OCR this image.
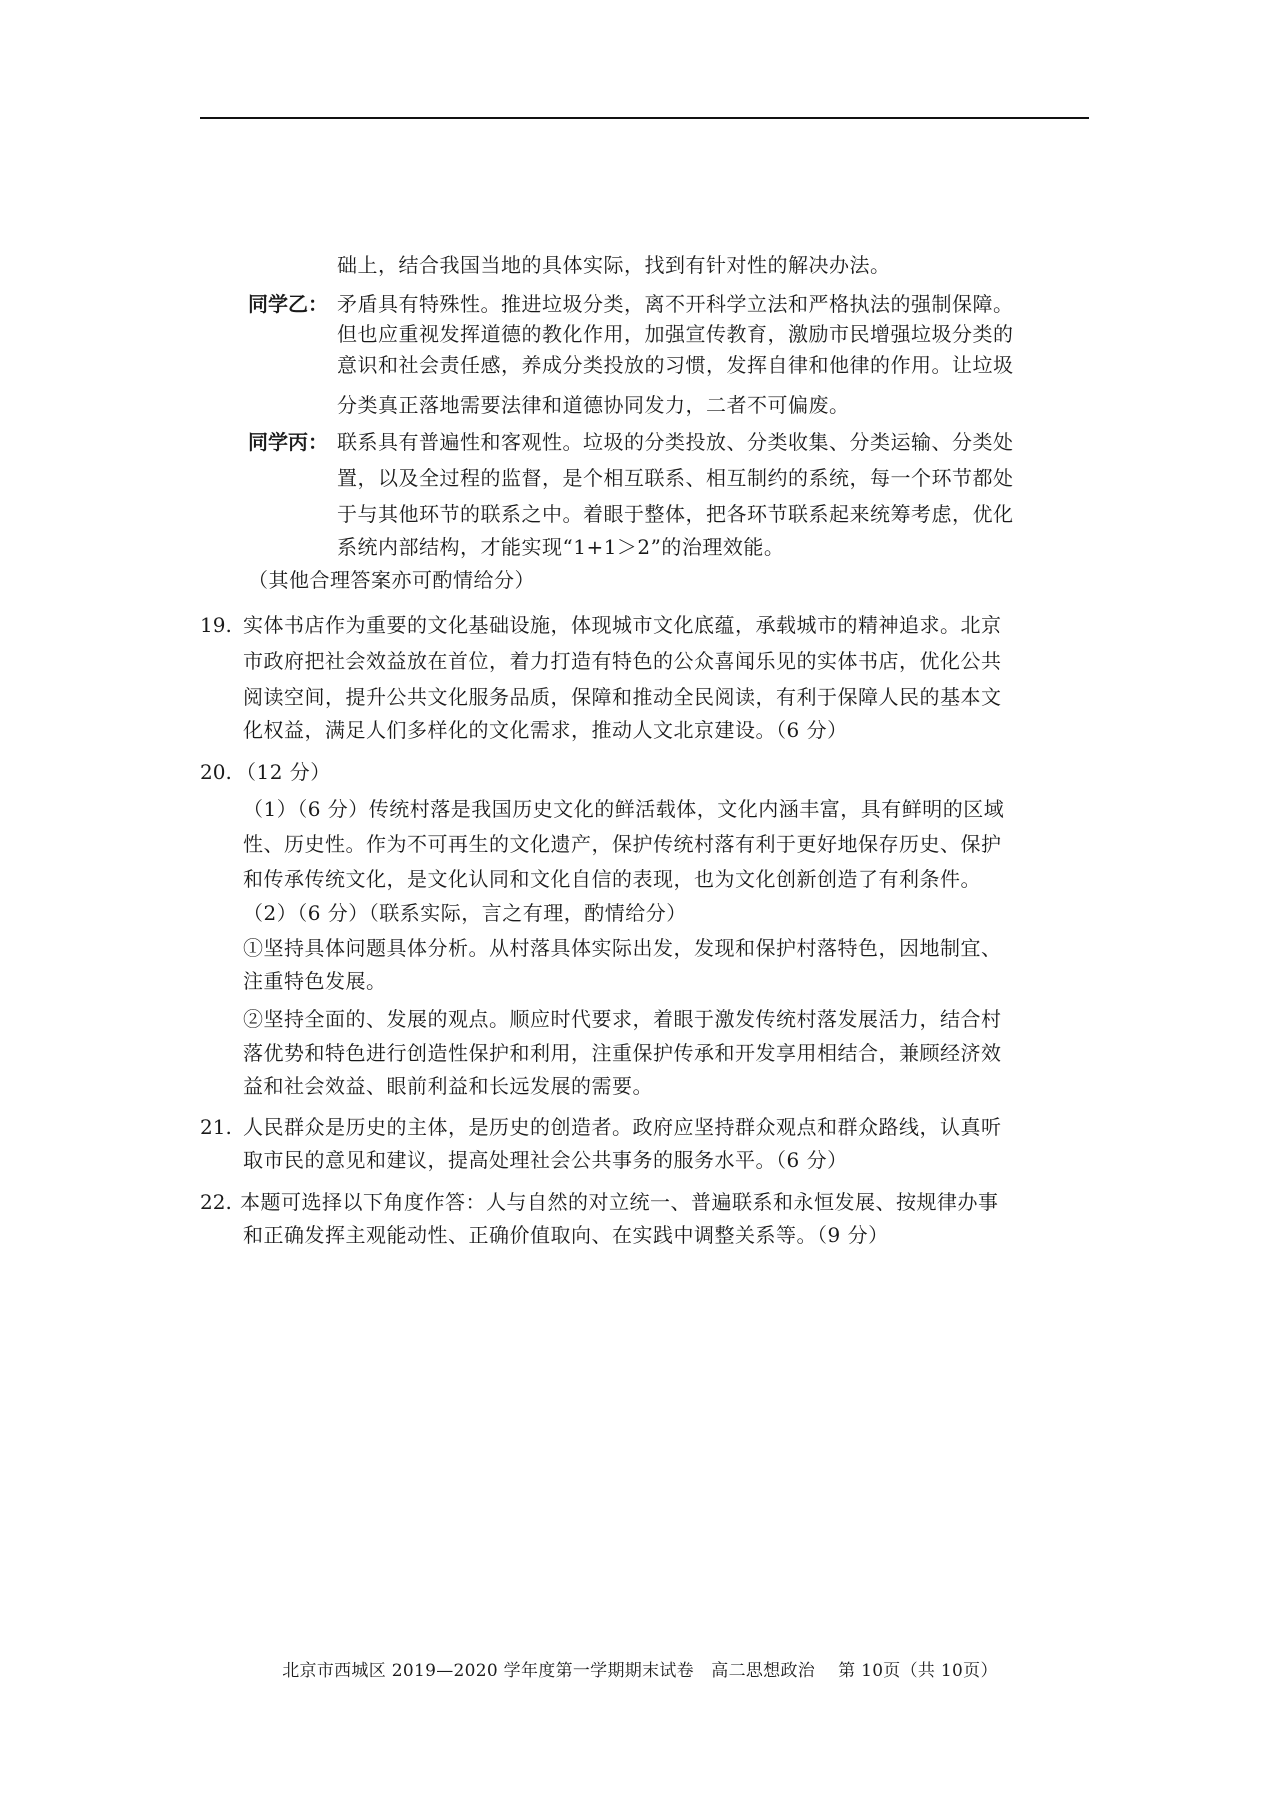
础上，结合我国当地的具体实际，找到有针对性的解决办法。
同学乙： 矛盾具有特殊性。推进垃圾分类，离不开科学立法和严格执法的强制保障。
但也应重视发挥道德的教化作用，加强宣传教育，激励市民增强垃圾分类的
意识和社会责任感，养成分类投放的习惯，发挥自律和他律的作用。让垃圾
分类真正落地需要法律和道德协同发力，二者不可偏废。
同学丙： 联系具有普遍性和客观性。垃圾的分类投放、分类收集、分类运输、分类处
置，以及全过程的监督，是个相互联系、相互制约的系统，每一个环节都处
于与其他环节的联系之中。着眼于整体，把各环节联系起来统筹考虑，优化
系统内部结构，才能实现“1+1＞2”的治理效能。
（其他合理答案亦可酌情给分）
19. 实体书店作为重要的文化基础设施，体现城市文化底蕴，承载城市的精神追求。北京
市政府把社会效益放在首位，着力打造有特色的公众喜闻乐见的实体书店，优化公共
阅读空间，提升公共文化服务品质，保障和推动全民阅读，有利于保障人民的基本文
化权益，满足人们多样化的文化需求，推动人文北京建设。（6 分）
20. （12 分）
（1）（6 分）传统村落是我国历史文化的鲜活载体，文化内涵丰富，具有鲜明的区域
性、历史性。作为不可再生的文化遗产，保护传统村落有利于更好地保存历史、保护
和传承传统文化，是文化认同和文化自信的表现，也为文化创新创造了有利条件。
（2）（6 分）（联系实际，言之有理，酌情给分）
①坚持具体问题具体分析。从村落具体实际出发，发现和保护村落特色，因地制宜、
注重特色发展。
②坚持全面的、发展的观点。顺应时代要求，着眼于激发传统村落发展活力，结合村
落优势和特色进行创造性保护和利用，注重保护传承和开发享用相结合，兼顾经济效
益和社会效益、眼前利益和长远发展的需要。
21. 人民群众是历史的主体，是历史的创造者。政府应坚持群众观点和群众路线，认真听
取市民的意见和建议，提高处理社会公共事务的服务水平。（6 分）
22. 本题可选择以下角度作答：人与自然的对立统一、普遍联系和永恒发展、按规律办事
和正确发挥主观能动性、正确价值取向、在实践中调整关系等。（9 分）
北京市西城区 2019—2020 学年度第一学期期末试卷　高二思想政治　 第 10页（共 10页）
